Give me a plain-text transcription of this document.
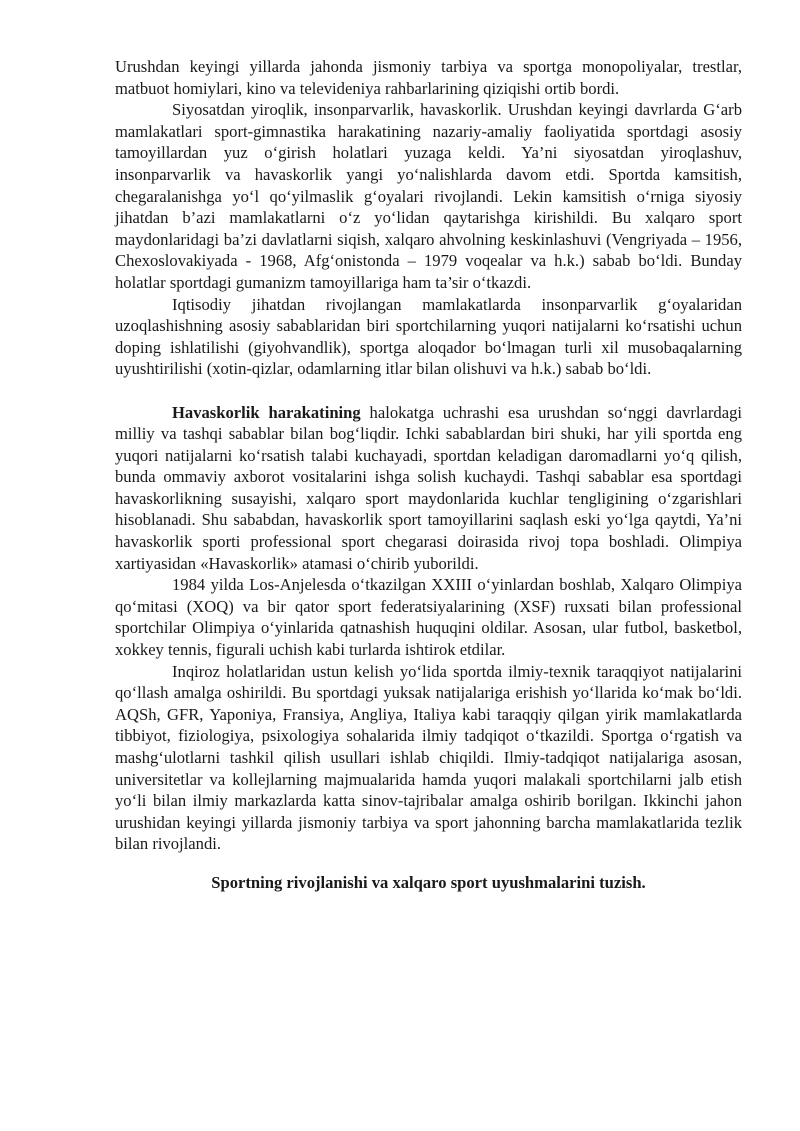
Urushdan keyingi yillarda jahonda jismoniy tarbiya va sportga monopoliyalar, trestlar, matbuot homiylari, kino va televideniya rahbarlarining qiziqishi ortib bordi.

Siyosatdan yiroqlik, insonparvarlik, havaskorlik. Urushdan keyingi davrlarda G‘arb mamlakatlari sport-gimnastika harakatining nazariy-amaliy faoliyatida sportdagi asosiy tamoyillardan yuz o‘girish holatlari yuzaga keldi. Ya’ni siyosatdan yiroqlashuv, insonparvarlik va havaskorlik yangi yo‘nalishlarda davom etdi. Sportda kamsitish, chegaralanishga yo‘l qo‘yilmaslik g‘oyalari rivojlandi. Lekin kamsitish o‘rniga siyosiy jihatdan b’azi mamlakatlarni o‘z yo‘lidan qaytarishga kirishildi. Bu xalqaro sport maydonlaridagi ba’zi davlatlarni siqish, xalqaro ahvolning keskinlashuvi (Vengriyada – 1956, Chexoslovakiyada - 1968, Afg‘onistonda – 1979 voqealar va h.k.) sabab bo‘ldi. Bunday holatlar sportdagi gumanizm tamoyillariga ham ta’sir o‘tkazdi.

Iqtisodiy jihatdan rivojlangan mamlakatlarda insonparvarlik g‘oyalaridan uzoqlashishning asosiy sabablaridan biri sportchilarning yuqori natijalarni ko‘rsatishi uchun doping ishlatilishi (giyohvandlik), sportga aloqador bo‘lmagan turli xil musobaqalarning uyushtirilishi (xotin-qizlar, odamlarning itlar bilan olishuvi va h.k.) sabab bo‘ldi.

Havaskorlik harakatining halokatga uchrashi esa urushdan so‘nggi davrlardagi milliy va tashqi sabablar bilan bog‘liqdir. Ichki sabablardan biri shuki, har yili sportda eng yuqori natijalarni ko‘rsatish talabi kuchayadi, sportdan keladigan daromadlarni yo‘q qilish, bunda ommaviy axborot vositalarini ishga solish kuchaydi. Tashqi sabablar esa sportdagi havaskorlikning susayishi, xalqaro sport maydonlarida kuchlar tengligining o‘zgarishlari hisoblanadi. Shu sababdan, havaskorlik sport tamoyillarini saqlash eski yo‘lga qaytdi, Ya’ni havaskorlik sporti professional sport chegarasi doirasida rivoj topa boshladi. Olimpiya xartiyasidan «Havaskorlik» atamasi o‘chirib yuborildi.

1984 yilda Los-Anjelesda o‘tkazilgan XXIII o‘yinlardan boshlab, Xalqaro Olimpiya qo‘mitasi (XOQ) va bir qator sport federatsiyalarining (XSF) ruxsati bilan professional sportchilar Olimpiya o‘yinlarida qatnashish huquqini oldilar. Asosan, ular futbol, basketbol, xokkey tennis, figurali uchish kabi turlarda ishtirok etdilar.

Inqiroz holatlaridan ustun kelish yo‘lida sportda ilmiy-texnik taraqqiyot natijalarini qo‘llash amalga oshirildi. Bu sportdagi yuksak natijalariga erishish yo‘llarida ko‘mak bo‘ldi. AQSh, GFR, Yaponiya, Fransiya, Angliya, Italiya kabi taraqqiy qilgan yirik mamlakatlarda tibbiyot, fiziologiya, psixologiya sohalarida ilmiy tadqiqot o‘tkazildi. Sportga o‘rgatish va mashg‘ulotlarni tashkil qilish usullari ishlab chiqildi. Ilmiy-tadqiqot natijalariga asosan, universitetlar va kollejlarning majmualarida hamda yuqori malakali sportchilarni jalb etish yo‘li bilan ilmiy markazlarda katta sinov-tajribalar amalga oshirib borilgan. Ikkinchi jahon urushidan keyingi yillarda jismoniy tarbiya va sport jahonning barcha mamlakatlarida tezlik bilan rivojlandi.

Sportning rivojlanishi va xalqaro sport uyushmalarini tuzish.
